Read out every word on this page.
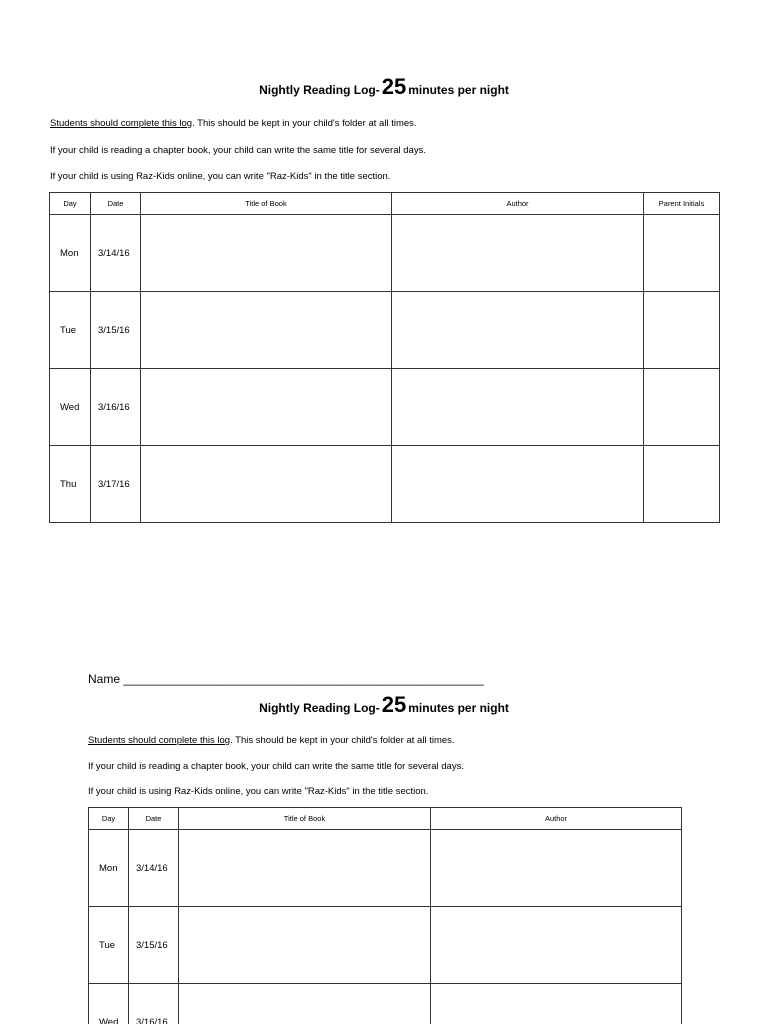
Nightly Reading Log-25 minutes per night
Students should complete this log. This should be kept in your child's folder at all times.
If your child is reading a chapter book, your child can write the same title for several days.
If your child is using Raz-Kids online, you can write "Raz-Kids" in the title section.
Day	Date	Title of Book	Author	Parent Initials
Mon	3/14/16			
Tue	3/15/16			
Wed	3/16/16			
Thu	3/17/16			
Name ______________________________________________________
Nightly Reading Log-25 minutes per night
Students should complete this log. This should be kept in your child's folder at all times.
If your child is reading a chapter book, your child can write the same title for several days.
If your child is using Raz-Kids online, you can write "Raz-Kids" in the title section.
Day	Date	Title of Book	Author
Mon	3/14/16		
Tue	3/15/16		
Wed	3/16/16		
